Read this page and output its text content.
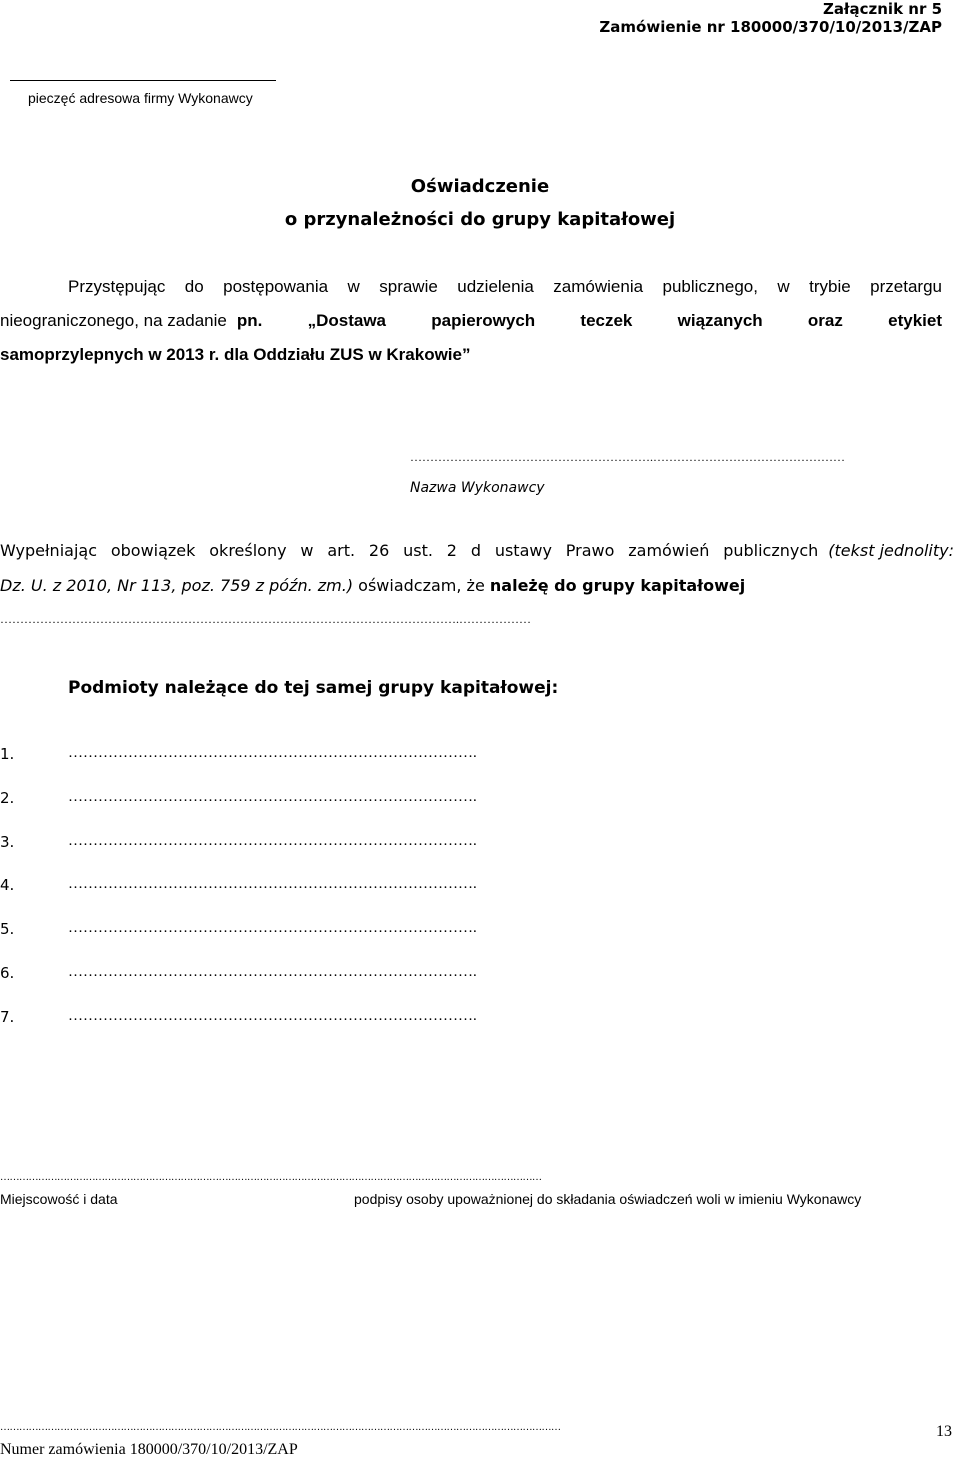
Załącznik nr 5
Zamówienie nr 180000/370/10/2013/ZAP
pieczęć adresowa firmy Wykonawcy
Oświadczenie
o przynależności do grupy kapitałowej
Przystępując do postępowania w sprawie udzielenia zamówienia publicznego, w trybie przetargu
nieograniczonego, na zadanie pn. „Dostawa papierowych teczek wiązanych oraz etykiet
samoprzylepnych w 2013 r. dla Oddziału ZUS w Krakowie”
…………………………………………………….…………………………………………
Nazwa Wykonawcy
Wypełniając obowiązek określony w art. 26 ust. 2 d ustawy Prawo zamówień publicznych (tekst jednolity:
Dz. U. z 2010, Nr 113, poz. 759 z późn. zm.) oświadczam, że należę do grupy kapitałowej
…………………………………………………………………………………………………….………………
Podmioty należące do tej samej grupy kapitałowej:
1.	……………………………………………………………………….
2.	……………………………………………………………………….
3.	……………………………………………………………………….
4.	……………………………………………………………………….
5.	……………………………………………………………………….
6.	……………………………………………………………………….
7.	……………………………………………………………………….
………………………………………………………………………………………………………………………………………………………
Miejscowość i data	podpisy osoby upoważnionej do składania oświadczeń woli w imieniu Wykonawcy
……………………………………………………………………………………………………………………………………………………………	13
Numer zamówienia 180000/370/10/2013/ZAP
